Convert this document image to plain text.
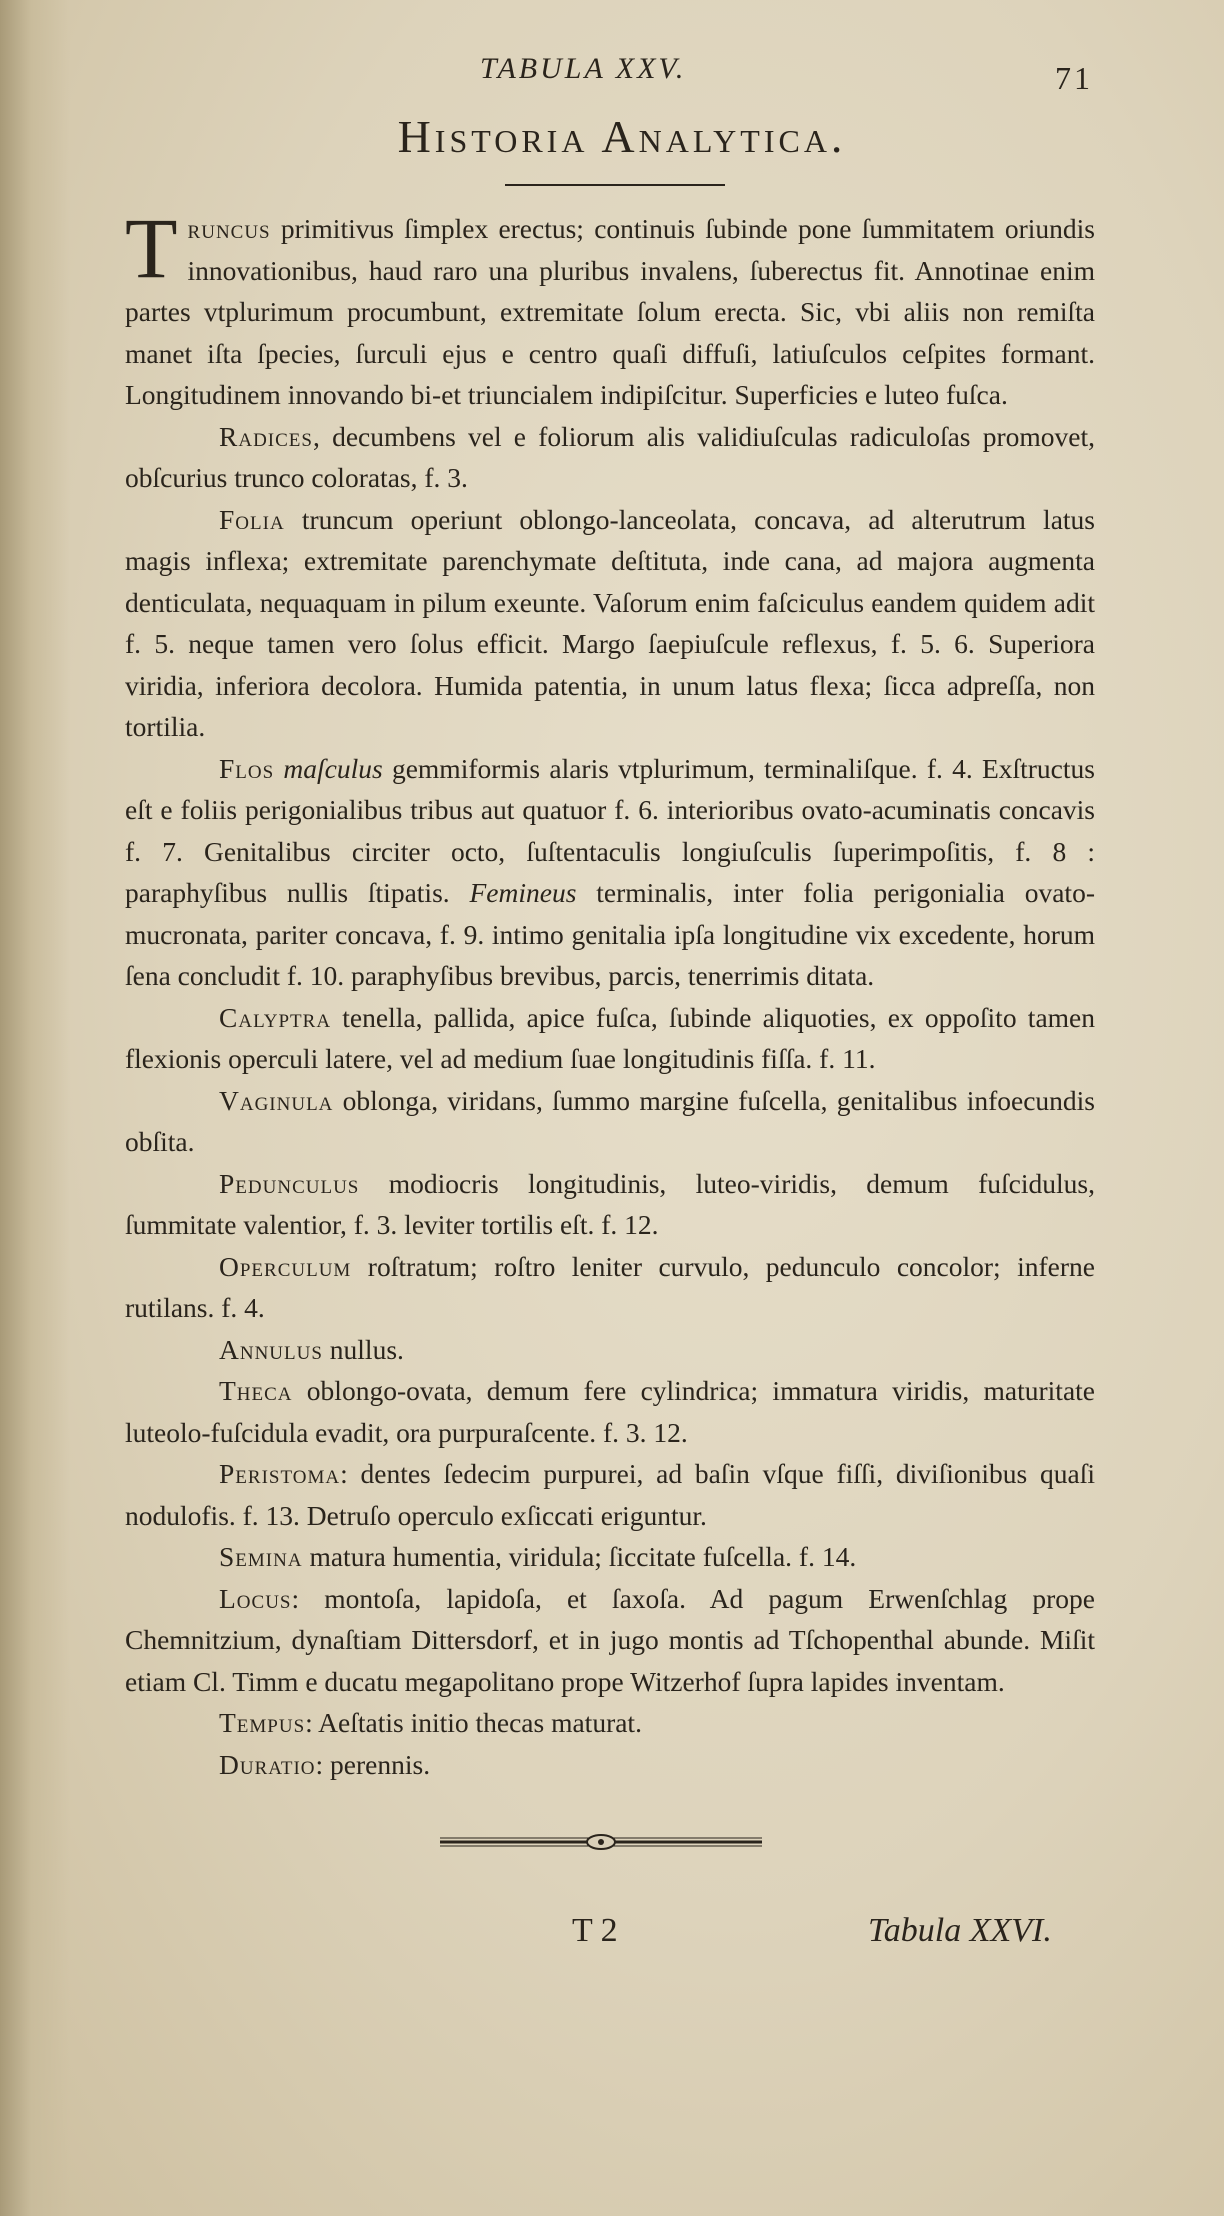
TABULA XXV.	71
Historia Analytica.

Truncus primitivus ſimplex erectus; continuis ſubinde pone ſummitatem oriundis innovationibus, haud raro una pluribus invalens, ſuberectus fit. Annotinae enim partes vtplurimum procumbunt, extremitate ſolum erecta. Sic, vbi aliis non remiſta manet iſta ſpecies, ſurculi ejus e centro quaſi diffuſi, latiuſculos ceſpites formant. Longitudinem innovando bi-et triuncialem indipiſcitur. Superficies e luteo fuſca.

Radices, decumbens vel e foliorum alis validiuſculas radiculoſas promovet, obſcurius trunco coloratas, f. 3.

Folia truncum operiunt oblongo-lanceolata, concava, ad alterutrum latus magis inflexa; extremitate parenchymate deſtituta, inde cana, ad majora augmenta denticulata, nequaquam in pilum exeunte. Vaſorum enim faſciculus eandem quidem adit f. 5. neque tamen vero ſolus efficit. Margo ſaepiuſcule reflexus, f. 5. 6. Superiora viridia, inferiora decolora. Humida patentia, in unum latus flexa; ſicca adpreſſa, non tortilia.

Flos maſculus gemmiformis alaris vtplurimum, terminaliſque. f. 4. Exſtructus eſt e foliis perigonialibus tribus aut quatuor f. 6. interioribus ovato-acuminatis concavis f. 7. Genitalibus circiter octo, ſuſtentaculis longiuſculis ſuperimpoſitis, f. 8 : paraphyſibus nullis ſtipatis. Femineus terminalis, inter folia perigonialia ovato-mucronata, pariter concava, f. 9. intimo genitalia ipſa longitudine vix excedente, horum ſena concludit f. 10. paraphyſibus brevibus, parcis, tenerrimis ditata.

Calyptra tenella, pallida, apice fuſca, ſubinde aliquoties, ex oppoſito tamen flexionis operculi latere, vel ad medium ſuae longitudinis fiſſa. f. 11.

Vaginula oblonga, viridans, ſummo margine fuſcella, genitalibus infoecundis obſita.

Pedunculus modiocris longitudinis, luteo-viridis, demum fuſcidulus, ſummitate valentior, f. 3. leviter tortilis eſt. f. 12.

Operculum roſtratum; roſtro leniter curvulo, pedunculo concolor; inferne rutilans. f. 4.

Annulus nullus.

Theca oblongo-ovata, demum fere cylindrica; immatura viridis, maturitate luteolo-fuſcidula evadit, ora purpuraſcente. f. 3. 12.

Peristoma: dentes ſedecim purpurei, ad baſin vſque fiſſi, diviſionibus quaſi nodulofis. f. 13. Detruſo operculo exſiccati eriguntur.

Semina matura humentia, viridula; ſiccitate fuſcella. f. 14.

Locus: montoſa, lapidoſa, et ſaxoſa. Ad pagum Erwenſchlag prope Chemnitzium, dynaſtiam Dittersdorf, et in jugo montis ad Tſchopenthal abunde. Miſit etiam Cl. Timm e ducatu megapolitano prope Witzerhof ſupra lapides inventam.

Tempus: Aeſtatis initio thecas maturat.

Duratio: perennis.

T 2	Tabula XXVI.
